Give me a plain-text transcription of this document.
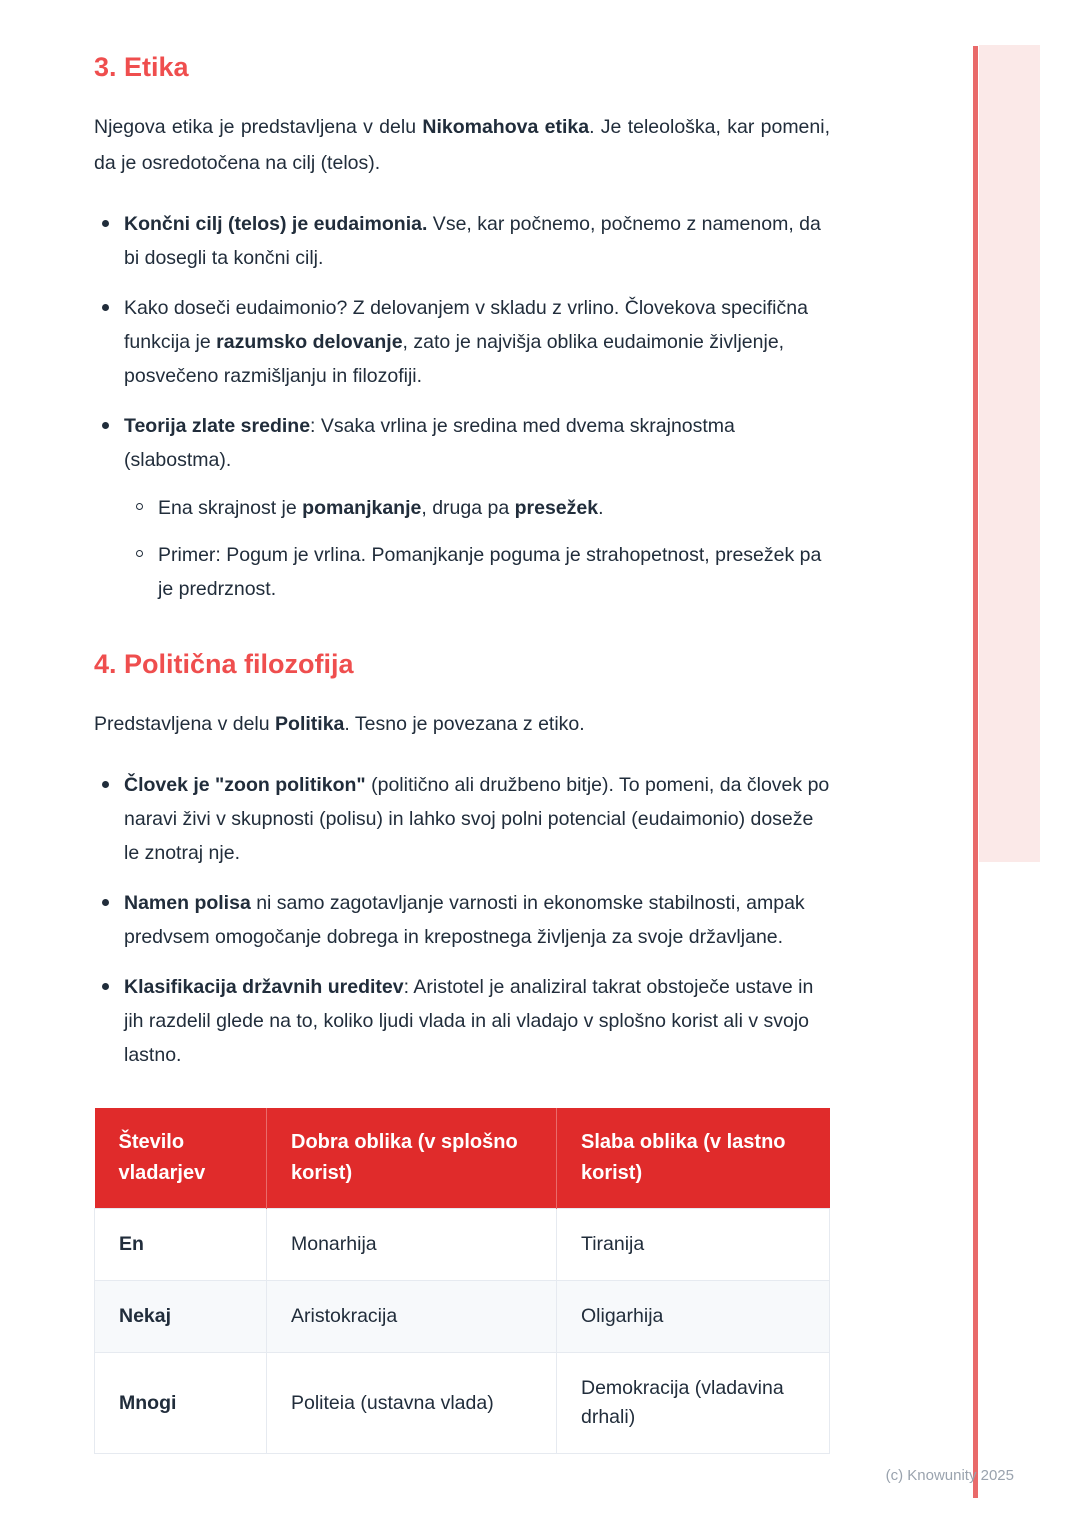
3. Etika

Njegova etika je predstavljena v delu Nikomahova etika. Je teleološka, kar pomeni, da je osredotočena na cilj (telos).

Končni cilj (telos) je eudaimonia. Vse, kar počnemo, počnemo z namenom, da bi dosegli ta končni cilj.
Kako doseči eudaimonio? Z delovanjem v skladu z vrlino. Človekova specifična funkcija je razumsko delovanje, zato je najvišja oblika eudaimonie življenje, posvečeno razmišljanju in filozofiji.
Teorija zlate sredine: Vsaka vrlina je sredina med dvema skrajnostma (slabostma).
Ena skrajnost je pomanjkanje, druga pa presežek.
Primer: Pogum je vrlina. Pomanjkanje poguma je strahopetnost, presežek pa je predrznost.
4. Politična filozofija

Predstavljena v delu Politika. Tesno je povezana z etiko.

Človek je "zoon politikon" (politično ali družbeno bitje). To pomeni, da človek po naravi živi v skupnosti (polisu) in lahko svoj polni potencial (eudaimonio) doseže le znotraj nje.
Namen polisa ni samo zagotavljanje varnosti in ekonomske stabilnosti, ampak predvsem omogočanje dobrega in krepostnega življenja za svoje državljane.
Klasifikacija državnih ureditev: Aristotel je analiziral takrat obstoječe ustave in jih razdelil glede na to, koliko ljudi vlada in ali vladajo v splošno korist ali v svojo lastno.
Število vladarjev	Dobra oblika (v splošno korist)	Slaba oblika (v lastno korist)
En	Monarhija	Tiranija
Nekaj	Aristokracija	Oligarhija
Mnogi	Politeia (ustavna vlada)	Demokracija (vladavina drhali)
(c) Knowunity 2025
